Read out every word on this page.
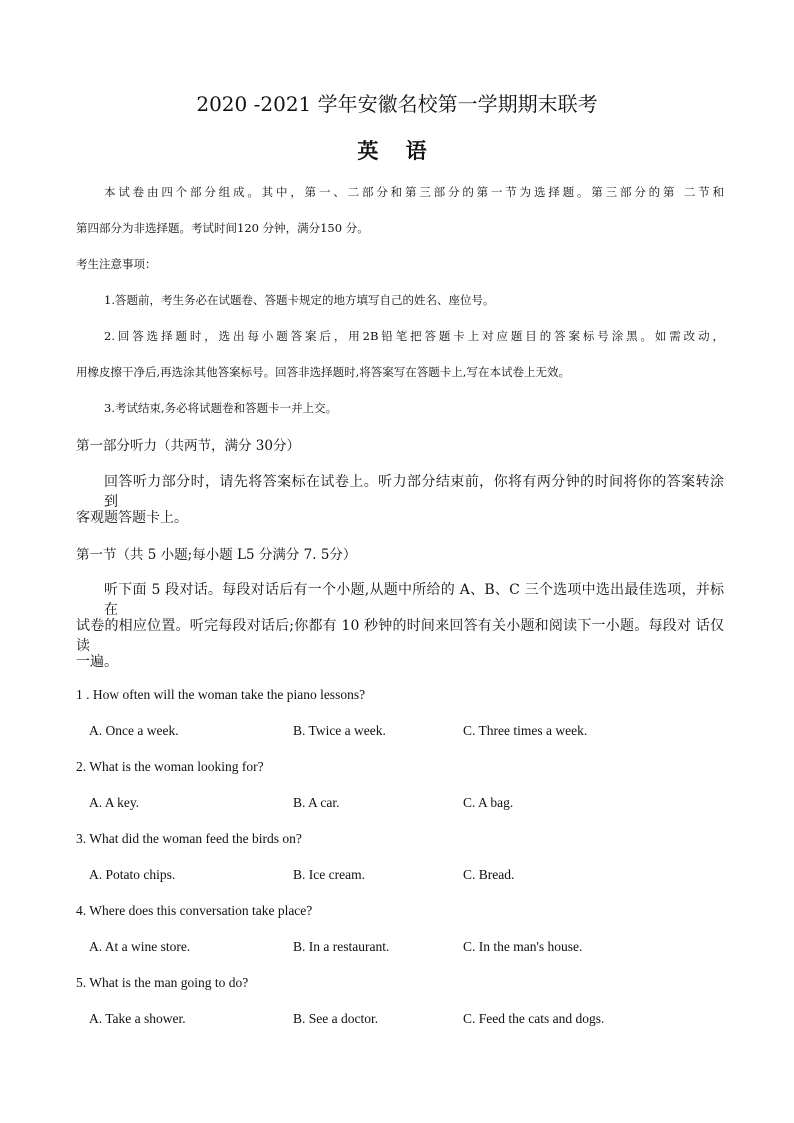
2020 -2021 学年安徽名校第一学期期末联考
英 语
本试卷由四个部分组成。其中，第一、二部分和第三部分的第一节为选择题。第三部分的第 二节和
第四部分为非选择题。考试时间120 分钟，满分150 分。
考生注意事项：
1.答题前，考生务必在试题卷、答题卡规定的地方填写自己的姓名、座位号。
2.回答选择题时，选出每小题答案后，用2B铅笔把答题卡上对应题目的答案标号涂黑。如需改动，
用橡皮擦干净后,再选涂其他答案标号。回答非选择题时,将答案写在答题卡上,写在本试卷上无效。
3.考试结束,务必将试题卷和答题卡一并上交。
第一部分听力（共两节，满分 30分）
回答听力部分时，请先将答案标在试卷上。听力部分结束前，你将有两分钟的时间将你的答案转涂 到
客观题答题卡上。
第一节（共 5 小题;每小题 L5 分满分 7. 5分）
听下面 5 段对话。每段对话后有一个小题,从题中所给的 A、B、C 三个选项中选出最佳选项，并标 在
试卷的相应位置。听完每段对话后;你都有 10 秒钟的时间来回答有关小题和阅读下一小题。每段对 话仅读
一遍。
1 . How often will the woman take the piano lessons?
A. Once a week.	B. Twice a week.	C. Three times a week.
2. What is the woman looking for?
A. A key.	B. A car.	C. A bag.
3. What did the woman feed the birds on?
A. Potato chips.	B. Ice cream.	C. Bread.
4. Where does this conversation take place?
A. At a wine store.	B. In a restaurant.	C. In the man's house.
5. What is the man going to do?
A. Take a shower.	B. See a doctor.	C. Feed the cats and dogs.
